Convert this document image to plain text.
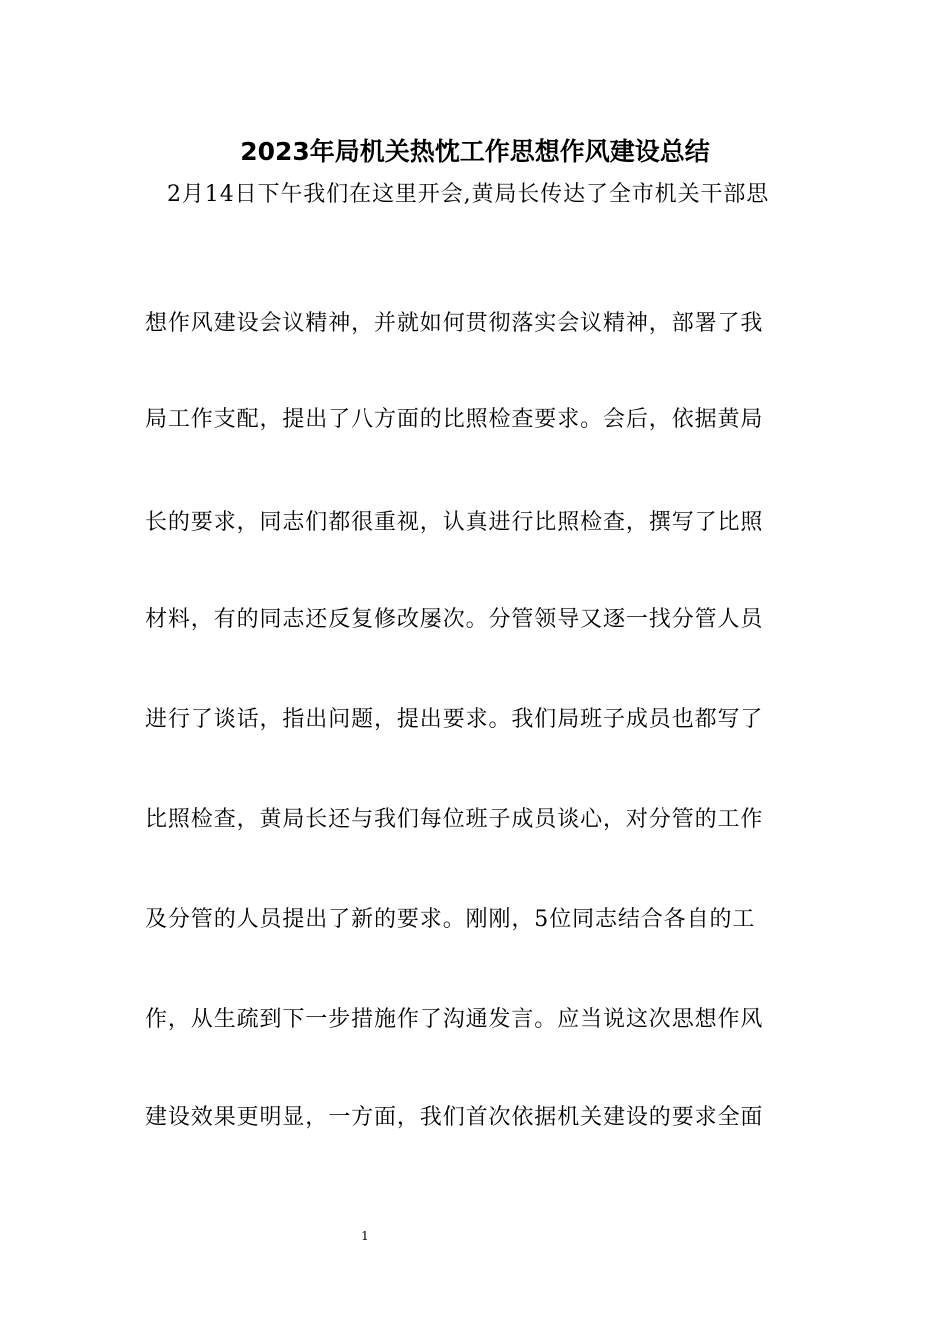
2023年局机关热忱工作思想作风建设总结
2月14日下午我们在这里开会,黄局长传达了全市机关干部思
想作风建设会议精神，并就如何贯彻落实会议精神，部署了我
局工作支配，提出了八方面的比照检查要求。会后，依据黄局
长的要求，同志们都很重视，认真进行比照检查，撰写了比照
材料，有的同志还反复修改屡次。分管领导又逐一找分管人员
进行了谈话，指出问题，提出要求。我们局班子成员也都写了
比照检查，黄局长还与我们每位班子成员谈心，对分管的工作
及分管的人员提出了新的要求。刚刚，5位同志结合各自的工
作，从生疏到下一步措施作了沟通发言。应当说这次思想作风
建设效果更明显，一方面，我们首次依据机关建设的要求全面
1
